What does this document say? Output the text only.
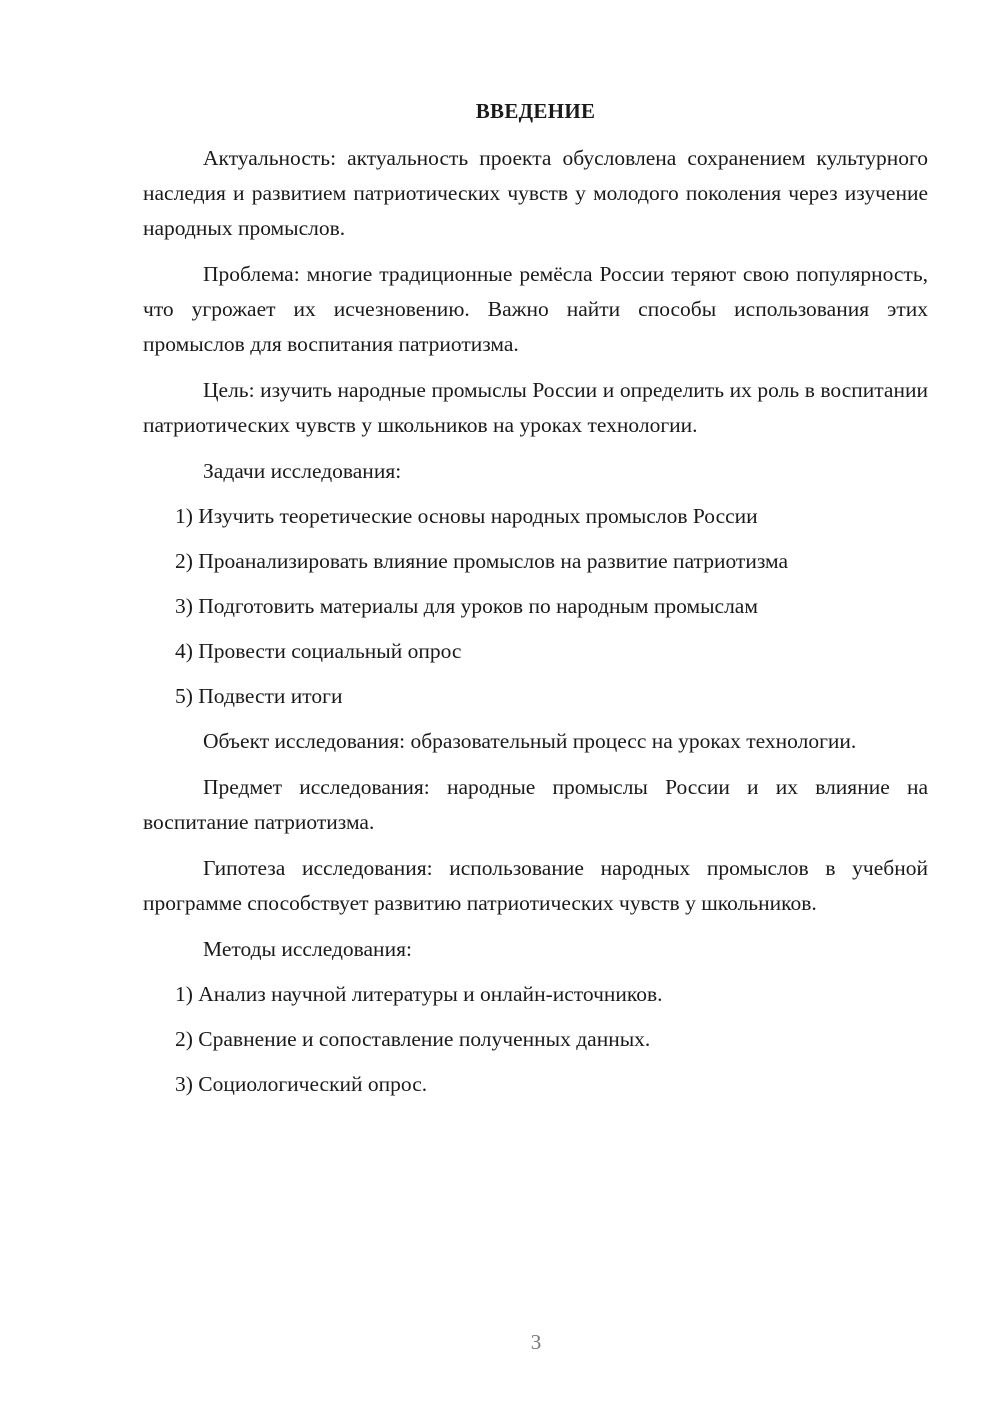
ВВЕДЕНИЕ

Актуальность: актуальность проекта обусловлена сохранением культурного наследия и развитием патриотических чувств у молодого поколения через изучение народных промыслов.

Проблема: многие традиционные ремёсла России теряют свою популярность, что угрожает их исчезновению. Важно найти способы использования этих промыслов для воспитания патриотизма.

Цель: изучить народные промыслы России и определить их роль в воспитании патриотических чувств у школьников на уроках технологии.

Задачи исследования:
1) Изучить теоретические основы народных промыслов России
2) Проанализировать влияние промыслов на развитие патриотизма
3) Подготовить материалы для уроков по народным промыслам
4) Провести социальный опрос
5) Подвести итоги

Объект исследования: образовательный процесс на уроках технологии.

Предмет исследования: народные промыслы России и их влияние на воспитание патриотизма.

Гипотеза исследования: использование народных промыслов в учебной программе способствует развитию патриотических чувств у школьников.

Методы исследования:
1) Анализ научной литературы и онлайн-источников.
2) Сравнение и сопоставление полученных данных.
3) Социологический опрос.
3
